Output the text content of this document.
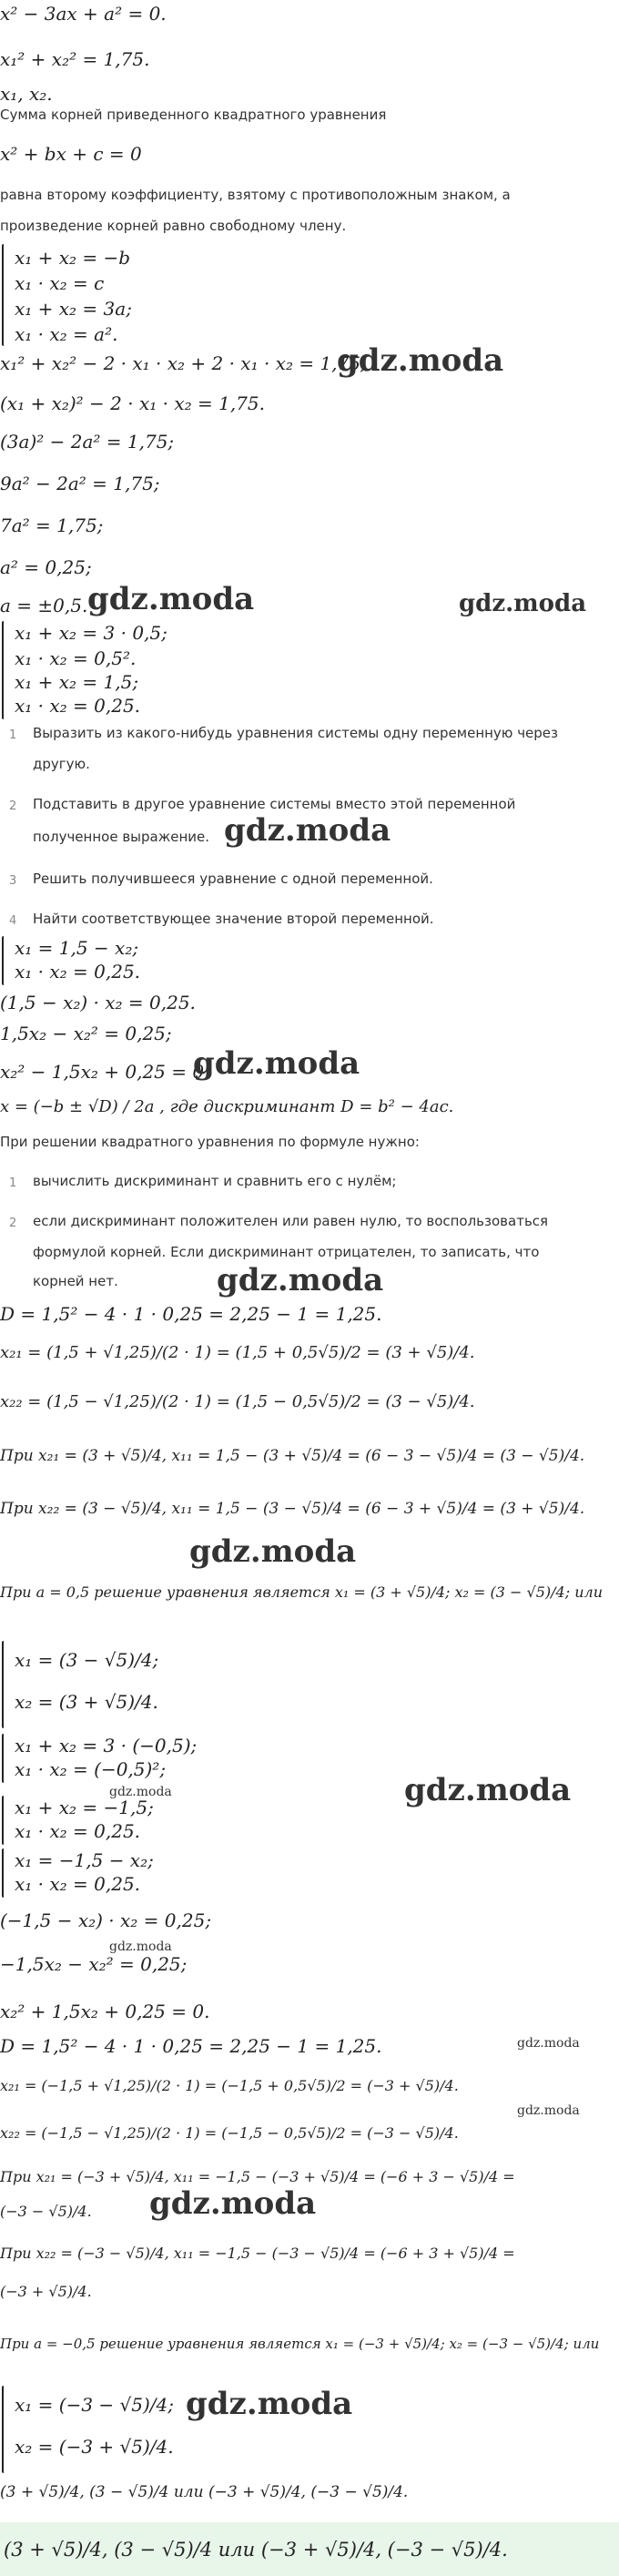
x² − 3ax + a² = 0.
x₁² + x₂² = 1,75.
x₁, x₂.
Сумма корней приведенного квадратного уравнения
x² + bx + c = 0
равна второму коэффициенту, взятому с противоположным знаком, а
произведение корней равно свободному члену.
x₁ + x₂ = −b
x₁ · x₂ = c
x₁ + x₂ = 3a;
x₁ · x₂ = a².
x₁² + x₂² − 2 · x₁ · x₂ + 2 · x₁ · x₂ = 1,75;
gdz.moda
(x₁ + x₂)² − 2 · x₁ · x₂ = 1,75.
(3a)² − 2a² = 1,75;
9a² − 2a² = 1,75;
7a² = 1,75;
a² = 0,25;
a = ±0,5. gdz.moda	gdz.moda
x₁ + x₂ = 3 · 0,5;
x₁ · x₂ = 0,5².
x₁ + x₂ = 1,5;
x₁ · x₂ = 0,25.
1 Выразить из какого-нибудь уравнения системы одну переменную через
другую.
2 Подставить в другое уравнение системы вместо этой переменной
полученное выражение. gdz.moda
3 Решить получившееся уравнение с одной переменной.
4 Найти соответствующее значение второй переменной.
x₁ = 1,5 − x₂;
x₁ · x₂ = 0,25.
(1,5 − x₂) · x₂ = 0,25.
1,5x₂ − x₂² = 0,25;
x₂² − 1,5x₂ + 0,25 = 0.
gdz.moda
x = (−b ± √D) / 2a , где дискриминант D = b² − 4ac.
При решении квадратного уравнения по формуле нужно:
1 вычислить дискриминант и сравнить его с нулём;
2 если дискриминант положителен или равен нулю, то воспользоваться
формулой корней. Если дискриминант отрицателен, то записать, что
корней нет.	gdz.moda
D = 1,5² − 4 · 1 · 0,25 = 2,25 − 1 = 1,25.
x₂₁ = (1,5 + √1,25)/(2 · 1) = (1,5 + 0,5√5)/2 = (3 + √5)/4.
x₂₂ = (1,5 − √1,25)/(2 · 1) = (1,5 − 0,5√5)/2 = (3 − √5)/4.
При x₂₁ = (3 + √5)/4, x₁₁ = 1,5 − (3 + √5)/4 = (6 − 3 − √5)/4 = (3 − √5)/4.
При x₂₂ = (3 − √5)/4, x₁₁ = 1,5 − (3 − √5)/4 = (6 − 3 + √5)/4 = (3 + √5)/4.
gdz.moda
При a = 0,5 решение уравнения является x₁ = (3 + √5)/4; x₂ = (3 − √5)/4; или
x₁ = (3 − √5)/4;
x₂ = (3 + √5)/4.
x₁ + x₂ = 3 · (−0,5);
x₁ · x₂ = (−0,5)²;
gdz.moda	gdz.moda
x₁ + x₂ = −1,5;
x₁ · x₂ = 0,25.
x₁ = −1,5 − x₂;
x₁ · x₂ = 0,25.
(−1,5 − x₂) · x₂ = 0,25;
gdz.moda
−1,5x₂ − x₂² = 0,25;
x₂² + 1,5x₂ + 0,25 = 0.
D = 1,5² − 4 · 1 · 0,25 = 2,25 − 1 = 1,25.	gdz.moda
x₂₁ = (−1,5 + √1,25)/(2 · 1) = (−1,5 + 0,5√5)/2 = (−3 + √5)/4.
x₂₂ = (−1,5 − √1,25)/(2 · 1) = (−1,5 − 0,5√5)/2 = (−3 − √5)/4.
gdz.moda
При x₂₁ = (−3 + √5)/4, x₁₁ = −1,5 − (−3 + √5)/4 = (−6 + 3 − √5)/4 =
(−3 − √5)/4. gdz.moda
При x₂₂ = (−3 − √5)/4, x₁₁ = −1,5 − (−3 − √5)/4 = (−6 + 3 + √5)/4 =
(−3 + √5)/4.
При a = −0,5 решение уравнения является x₁ = (−3 + √5)/4; x₂ = (−3 − √5)/4; или
x₁ = (−3 − √5)/4;
x₂ = (−3 + √5)/4.
gdz.moda
(3 + √5)/4, (3 − √5)/4 или (−3 + √5)/4, (−3 − √5)/4.
(3 + √5)/4, (3 − √5)/4 или (−3 + √5)/4, (−3 − √5)/4.
